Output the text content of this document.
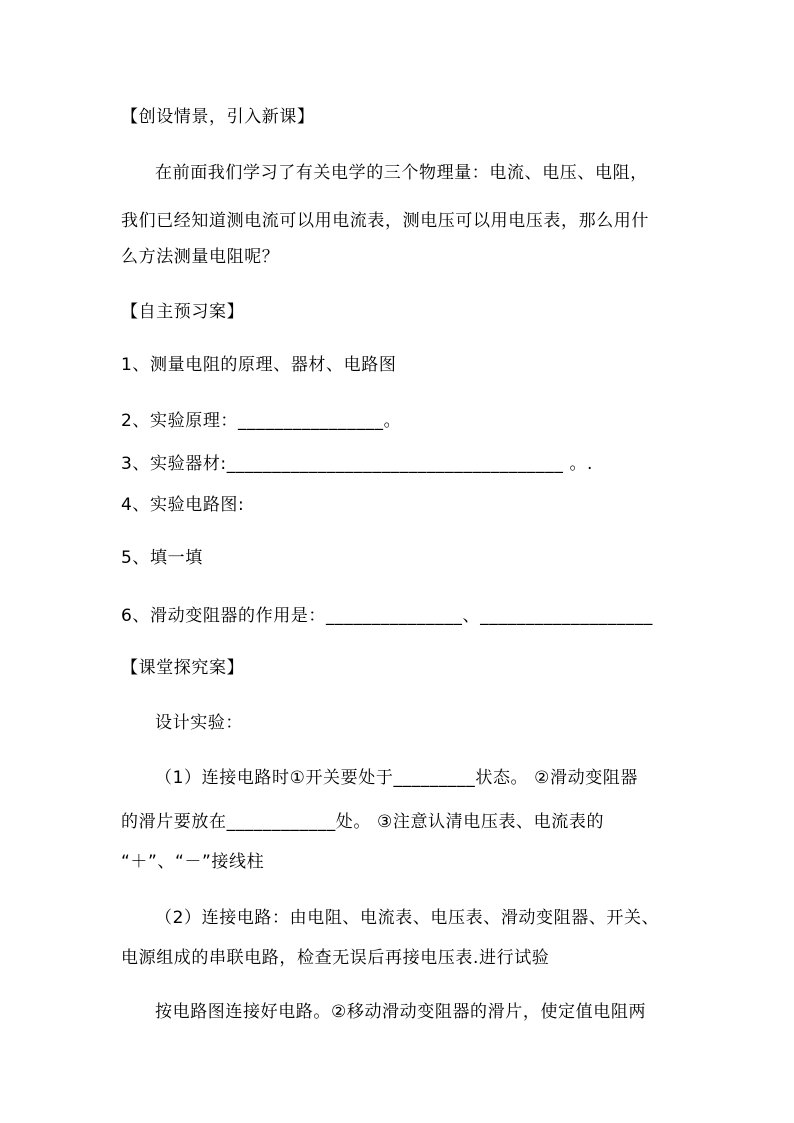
【创设情景，引入新课】
在前面我们学习了有关电学的三个物理量：电流、电压、电阻，
我们已经知道测电流可以用电流表，测电压可以用电压表，那么用什
么方法测量电阻呢？
【自主预习案】
1、测量电阻的原理、器材、电路图
2、实验原理：________________。
3、实验器材:_____________________________________ 。.
4、实验电路图:
5、填一填
6、滑动变阻器的作用是：_______________、___________________
【课堂探究案】
设计实验：
（1）连接电路时①开关要处于_________状态。 ②滑动变阻器
的滑片要放在____________处。 ③注意认清电压表、电流表的
“＋”、“－”接线柱
（2）连接电路：由电阻、电流表、电压表、滑动变阻器、开关、
电源组成的串联电路，检查无误后再接电压表.进行试验
按电路图连接好电路。②移动滑动变阻器的滑片，使定值电阻两
